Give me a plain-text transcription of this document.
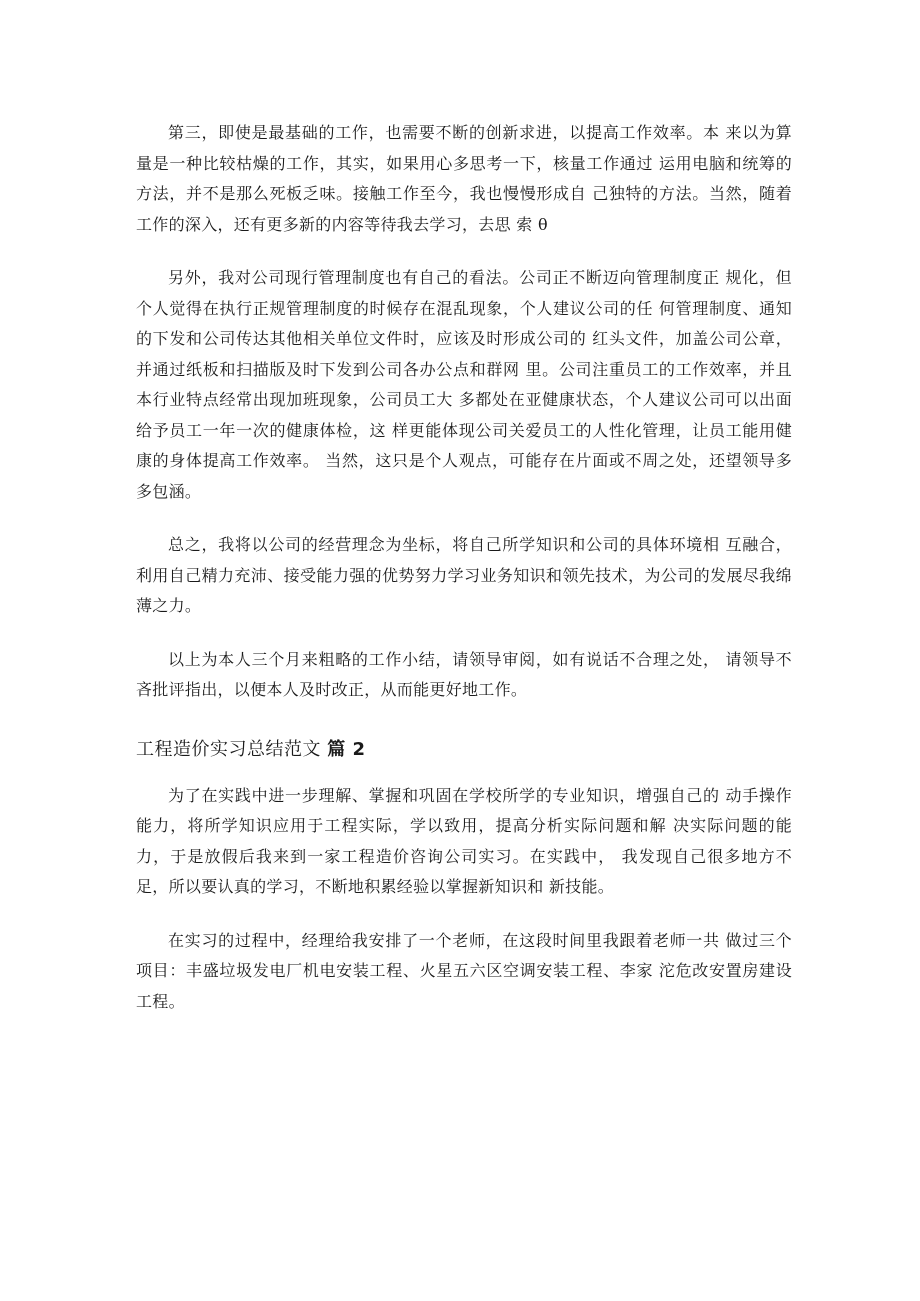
第三，即使是最基础的工作，也需要不断的创新求进，以提高工作效率。本 来以为算量是一种比较枯燥的工作，其实，如果用心多思考一下，核量工作通过 运用电脑和统筹的方法，并不是那么死板乏味。接触工作至今，我也慢慢形成自 己独特的方法。当然，随着工作的深入，还有更多新的内容等待我去学习，去思 索 θ

另外，我对公司现行管理制度也有自己的看法。公司正不断迈向管理制度正 规化，但个人觉得在执行正规管理制度的时候存在混乱现象，个人建议公司的任 何管理制度、通知的下发和公司传达其他相关单位文件时，应该及时形成公司的 红头文件，加盖公司公章，并通过纸板和扫描版及时下发到公司各办公点和群网 里。公司注重员工的工作效率，并且本行业特点经常出现加班现象，公司员工大 多都处在亚健康状态，个人建议公司可以出面给予员工一年一次的健康体检，这 样更能体现公司关爱员工的人性化管理，让员工能用健康的身体提高工作效率。 当然，这只是个人观点，可能存在片面或不周之处，还望领导多多包涵。

总之，我将以公司的经营理念为坐标，将自己所学知识和公司的具体环境相 互融合，利用自己精力充沛、接受能力强的优势努力学习业务知识和领先技术，为公司的发展尽我绵薄之力。

以上为本人三个月来粗略的工作小结，请领导审阅，如有说话不合理之处， 请领导不吝批评指出，以便本人及时改正，从而能更好地工作。

工程造价实习总结范文 篇 2

为了在实践中进一步理解、掌握和巩固在学校所学的专业知识，增强自己的 动手操作能力，将所学知识应用于工程实际，学以致用，提高分析实际问题和解 决实际问题的能力，于是放假后我来到一家工程造价咨询公司实习。在实践中， 我发现自己很多地方不足，所以要认真的学习，不断地积累经验以掌握新知识和 新技能。

在实习的过程中，经理给我安排了一个老师，在这段时间里我跟着老师一共 做过三个项目：丰盛垃圾发电厂机电安装工程、火星五六区空调安装工程、李家 沱危改安置房建设工程。
